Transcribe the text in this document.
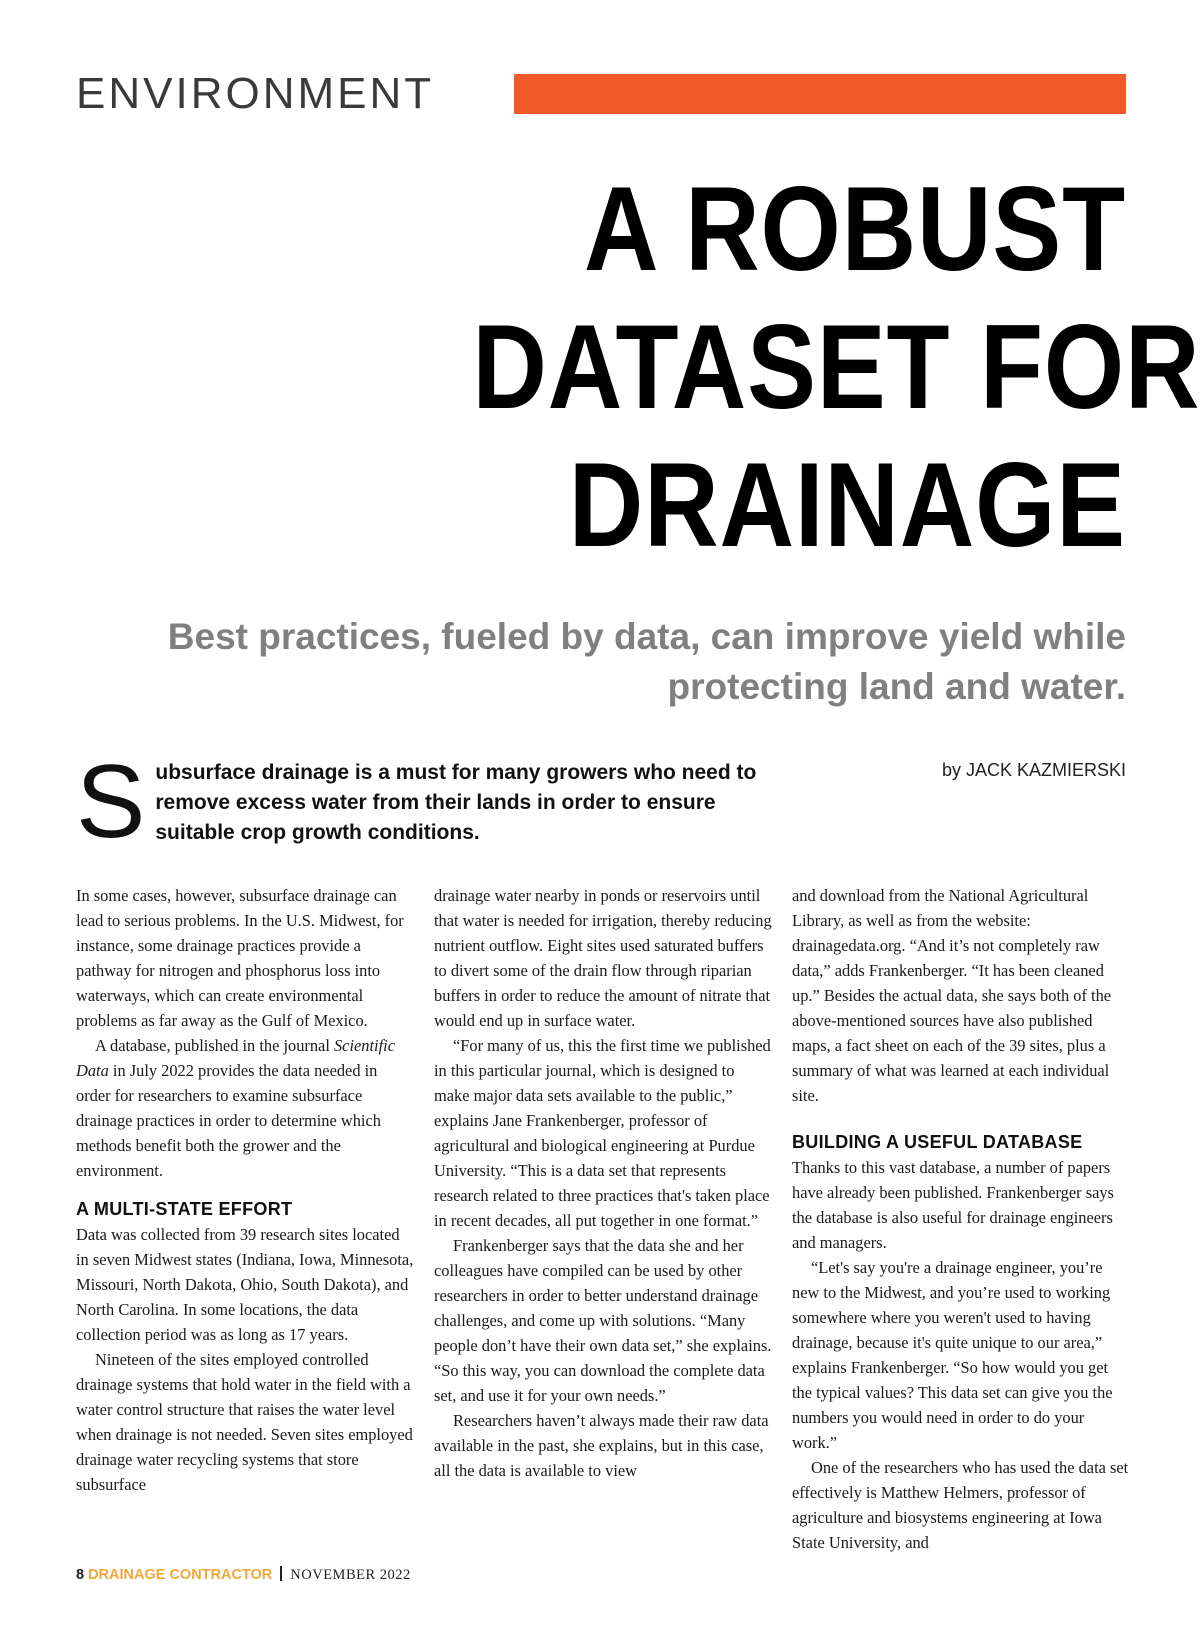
ENVIRONMENT
A ROBUST
DATASET FOR
DRAINAGE
Best practices, fueled by data, can improve yield while
protecting land and water.
Subsurface drainage is a must for many growers who need to remove excess water from their lands in order to ensure suitable crop growth conditions.
by JACK KAZMIERSKI

In some cases, however, subsurface drainage can lead to serious problems. In the U.S. Midwest, for instance, some drainage practices provide a pathway for nitrogen and phosphorus loss into waterways, which can create environmental problems as far away as the Gulf of Mexico.

A database, published in the journal Scientific Data in July 2022 provides the data needed in order for researchers to examine subsurface drainage practices in order to determine which methods benefit both the grower and the environment.

A MULTI-STATE EFFORT

Data was collected from 39 research sites located in seven Midwest states (Indiana, Iowa, Minnesota, Missouri, North Dakota, Ohio, South Dakota), and North Carolina. In some locations, the data collection period was as long as 17 years.

Nineteen of the sites employed controlled drainage systems that hold water in the field with a water control structure that raises the water level when drainage is not needed. Seven sites employed drainage water recycling systems that store subsurface

drainage water nearby in ponds or reservoirs until that water is needed for irrigation, thereby reducing nutrient outflow. Eight sites used saturated buffers to divert some of the drain flow through riparian buffers in order to reduce the amount of nitrate that would end up in surface water.

“For many of us, this the first time we published in this particular journal, which is designed to make major data sets available to the public,” explains Jane Frankenberger, professor of agricultural and biological engineering at Purdue University. “This is a data set that represents research related to three practices that's taken place in recent decades, all put together in one format.”

Frankenberger says that the data she and her colleagues have compiled can be used by other researchers in order to better understand drainage challenges, and come up with solutions. “Many people don’t have their own data set,” she explains. “So this way, you can download the complete data set, and use it for your own needs.”

Researchers haven’t always made their raw data available in the past, she explains, but in this case, all the data is available to view

and download from the National Agricultural Library, as well as from the website: drainagedata.org. “And it’s not completely raw data,” adds Frankenberger. “It has been cleaned up.” Besides the actual data, she says both of the above-mentioned sources have also published maps, a fact sheet on each of the 39 sites, plus a summary of what was learned at each individual site.

BUILDING A USEFUL DATABASE

Thanks to this vast database, a number of papers have already been published. Frankenberger says the database is also useful for drainage engineers and managers.

“Let's say you're a drainage engineer, you’re new to the Midwest, and you’re used to working somewhere where you weren't used to having drainage, because it's quite unique to our area,” explains Frankenberger. “So how would you get the typical values? This data set can give you the numbers you would need in order to do your work.”

One of the researchers who has used the data set effectively is Matthew Helmers, professor of agriculture and biosystems engineering at Iowa State University, and

8 DRAINAGE CONTRACTOR NOVEMBER 2022
